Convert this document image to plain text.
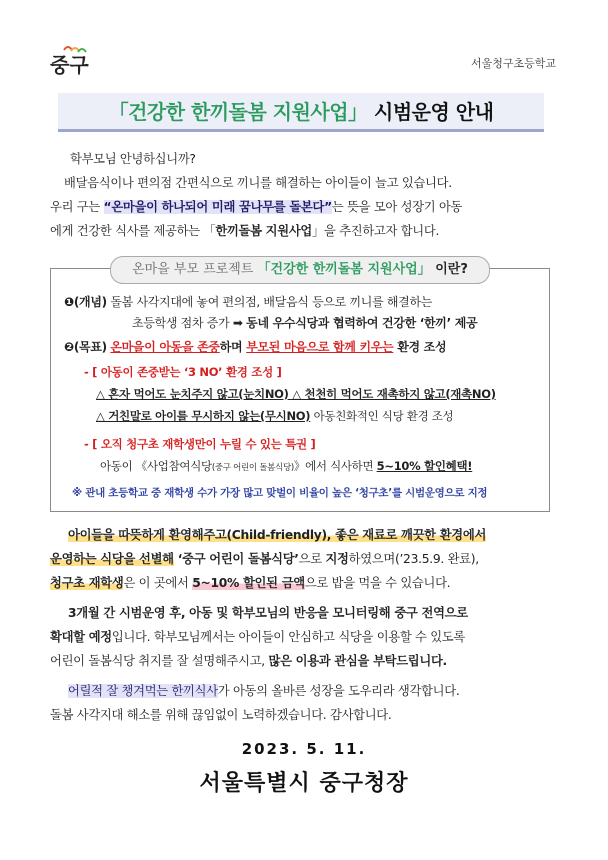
중구	서울청구초등학교
「건강한 한끼돌봄 지원사업」 시범운영 안내
학부모님 안녕하십니까?
배달음식이나 편의점 간편식으로 끼니를 해결하는 아이들이 늘고 있습니다.
우리 구는 “온마을이 하나되어 미래 꿈나무를 돌본다”는 뜻을 모아 성장기 아동
에게 건강한 식사를 제공하는 「한끼돌봄 지원사업」을 추진하고자 합니다.
온마을 부모 프로젝트 「건강한 한끼돌봄 지원사업」 이란?
❶(개념) 돌봄 사각지대에 놓여 편의점, 배달음식 등으로 끼니를 해결하는
초등학생 점차 증가 ➡ 동네 우수식당과 협력하여 건강한 ‘한끼’ 제공
❷(목표) 온마을이 아동을 존중하며 부모된 마음으로 함께 키우는 환경 조성
- [ 아동이 존중받는 ‘3 NO’ 환경 조성 ]
△ 혼자 먹어도 눈치주지 않고(눈치NO) △ 천천히 먹어도 재촉하지 않고(재촉NO)
△ 거친말로 아이를 무시하지 않는(무시NO) 아동친화적인 식당 환경 조성
- [ 오직 청구초 재학생만이 누릴 수 있는 특권 ]
아동이 《사업참여식당(중구 어린이 돌봄식당)》에서 식사하면 5~10% 할인혜택!
※ 관내 초등학교 중 재학생 수가 가장 많고 맞벌이 비율이 높은 ‘청구초’를 시범운영으로 지정
아이들을 따뜻하게 환영해주고(Child-friendly), 좋은 재료로 깨끗한 환경에서
운영하는 식당을 선별해 ‘중구 어린이 돌봄식당’으로 지정하였으며(’23.5.9. 완료),
청구초 재학생은 이 곳에서 5~10% 할인된 금액으로 밥을 먹을 수 있습니다.
3개월 간 시범운영 후, 아동 및 학부모님의 반응을 모니터링해 중구 전역으로
확대할 예정입니다. 학부모님께서는 아이들이 안심하고 식당을 이용할 수 있도록
어린이 돌봄식당 취지를 잘 설명해주시고, 많은 이용과 관심을 부탁드립니다.
어릴적 잘 챙겨먹는 한끼식사가 아동의 올바른 성장을 도우리라 생각합니다.
돌봄 사각지대 해소를 위해 끊임없이 노력하겠습니다. 감사합니다.
2023. 5. 11.
서울특별시 중구청장
